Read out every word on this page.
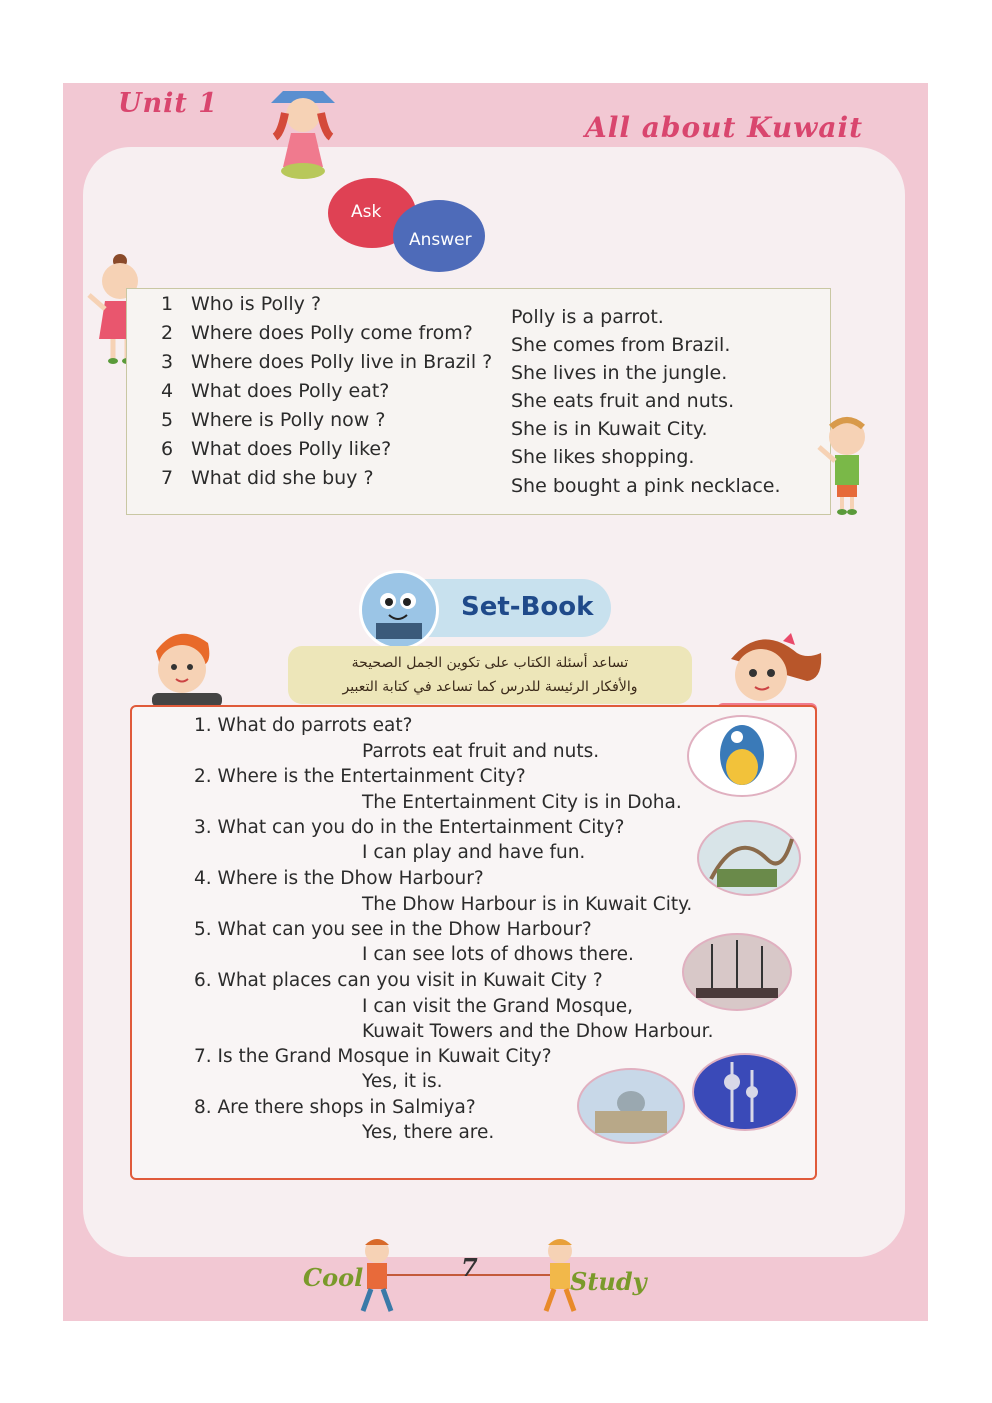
Unit 1
All about Kuwait
Ask
Answer
1 Who is Polly ?
2 Where does Polly come from?
3 Where does Polly live in Brazil ?
4 What does Polly eat?
5 Where is Polly now ?
6 What does Polly like?
7 What did she buy ?
Polly is a parrot.
She comes from Brazil.
She lives in the jungle.
She eats fruit and nuts.
She is in Kuwait City.
She likes shopping.
She bought a pink necklace.
Set-Book
تساعد أسئلة الكتاب على تكوين الجمل الصحيحة
والأفكار الرئيسة للدرس كما تساعد في كتابة التعبير
1. What do parrots eat?
Parrots eat fruit and nuts.
2. Where is the Entertainment City?
The Entertainment City is in Doha.
3. What can you do in the Entertainment City?
I can play and have fun.
4. Where is the Dhow Harbour?
The Dhow Harbour is in Kuwait City.
5. What can you see in the Dhow Harbour?
I can see lots of dhows there.
6. What places can you visit in Kuwait City ?
I can visit the Grand Mosque,
Kuwait Towers and the Dhow Harbour.
7. Is the Grand Mosque in Kuwait City?
Yes, it is.
8. Are there shops in Salmiya?
Yes, there are.
Cool	7	Study
